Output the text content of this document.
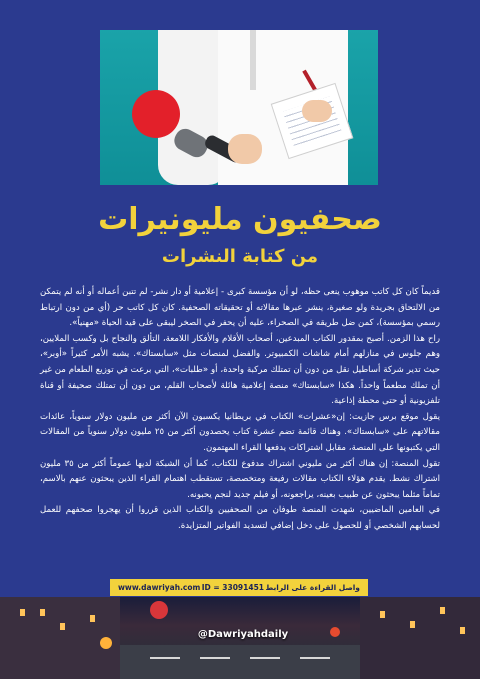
صحفيون مليونيرات
من كتابة النشرات

قديماً كان كل كاتب موهوب ينعى حظه، لو أن مؤسسة كبرى - إعلامية أو دار نشر- لم تتبن أعماله أو أنه لم يتمكن من الالتحاق بجريدة ولو صغيرة، ينشر عبرها مقالاته أو تحقيقاته الصحفية. كان كل كاتب حر (أي من دون ارتباط رسمي بمؤسسة)، كمن ضل طريقه في الصحراء، عليه أن يحفر في الصخر ليبقى على قيد الحياة «مهنياً».

راح هذا الزمن. أصبح بمقدور الكتاب المبدعين، أصحاب الأقلام والأفكار اللامعة، التألق والنجاح بل وكسب الملايين، وهم جلوس في منازلهم أمام شاشات الكمبيوتر. والفضل لمنصات مثل «سابستاك». يشبه الأمر كثيراً «أوبر»، حيث تدير شركة أساطيل نقل من دون أن تمتلك مركبة واحدة، أو «طلبات»، التي برعت في توزيع الطعام من غير أن تملك مطعماً واحداً. هكذا «سابستاك» منصة إعلامية هائلة لأصحاب القلم، من دون أن تمتلك صحيفة أو قناة تلفزيونية أو حتى محطة إذاعية.

يقول موقع برس جازيت: إن«عشرات» الكتاب في بريطانيا يكسبون الآن أكثر من مليون دولار سنوياً، عائدات مقالاتهم على «سابستاك». وهناك قائمة تضم عشرة كتاب يحصدون أكثر من ٢٥ مليون دولار سنوياً من المقالات التي يكتبونها على المنصة، مقابل اشتراكات يدفعها القراء المهتمون.

تقول المنصة: إن هناك أكثر من مليوني اشتراك مدفوع للكتاب، كما أن الشبكة لديها عموماً أكثر من ٣٥ مليون اشتراك نشط. يقدم هؤلاء الكتاب مقالات رفيعة ومتخصصة، تستقطب اهتمام القراء الذين يبحثون عنهم بالاسم، تماماً مثلما يبحثون عن طبيب بعينه، يراجعونه، أو فيلم جديد لنجم يحبونه.

في العامين الماضيين، شهدت المنصة طوفان من الصحفيين والكتاب الذين قرروا أن يهجروا صحفهم للعمل لحسابهم الشخصي أو للحصول على دخل إضافي لتسديد الفواتير المتزايدة.

www.dawriyah.com ID = 33091451 واصل القراءة على الرابط
@Dawriyahdaily
